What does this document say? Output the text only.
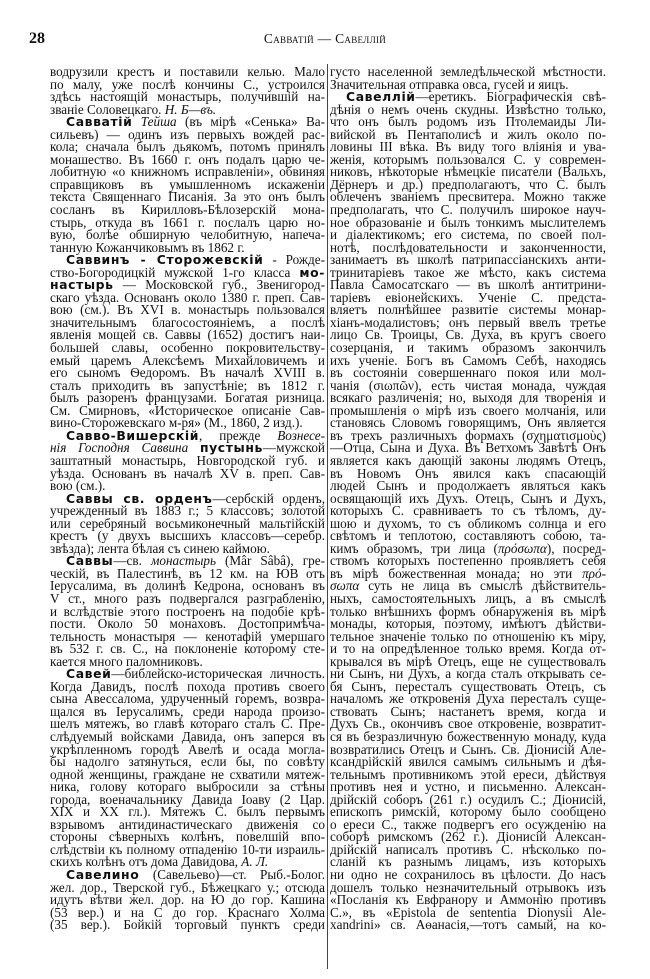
28	Савватій — Савеллій
водрузили крестъ и поставили келью. Мало
по малу, уже послѣ кончины С., устроился
здѣсь настоящій монастырь, получившій на-
званіе Соловецкаго. Н. Б—въ.
Савватій Тейша (въ мірѣ «Сенька» Ва-
сильевъ) — одинъ изъ первыхъ вождей рас-
кола; сначала былъ дьякомъ, потомъ принялъ
монашество. Въ 1660 г. онъ подалъ царю че-
лобитную «о книжномъ исправленіи», обвиняя
справщиковъ въ умышленномъ искаженіи
текста Священнаго Писанія. За это онъ былъ
сосланъ въ Кирилловъ-Бѣлозерскій мона-
стырь, откуда въ 1661 г. послалъ царю но-
вую, болѣе обширную челобитную, напеча-
танную Кожанчиковымъ въ 1862 г.
Саввинъ - Сторожевскій - Рожде-
ство-Богородицкій мужской 1-го класса мо-
настырь — Московской губ., Звенигород-
скаго уѣзда. Основанъ около 1380 г. преп. Сав-
вою (см.). Въ XVI в. монастырь пользовался
значительнымъ благосостояніемъ, а послѣ
явленія мощей св. Саввы (1652) достигъ наи-
большей славы, особенно покровительству-
емый царемъ Алексѣемъ Михайловичемъ и
его сыномъ Ѳедоромъ. Въ началѣ XVIII в.
сталъ приходить въ запустѣніе; въ 1812 г.
былъ разоренъ французами. Богатая ризница.
См. Смирновъ, «Историческое описаніе Сав-
вино-Сторожевскаго м-ря» (М., 1860, 2 изд.).
Савво-Вишерскій, прежде Вознесе-
нія Господня Саввина пустынь—мужской
заштатный монастырь, Новгородской губ. и
уѣзда. Основанъ въ началѣ XV в. преп. Сав-
вою (см.).
Саввы св. орденъ—сербскій орденъ,
учрежденный въ 1883 г.; 5 классовъ; золотой
или серебряный восьмиконечный мальтійскій
крестъ (у двухъ высшихъ классовъ—серебр.
звѣзда); лента бѣлая съ синею каймою.
Саввы—св. монастырь (Mâr Sâbâ), гре-
ческій, въ Палестинѣ, въ 12 км. на ЮВ отъ
Іерусалима, въ долинѣ Кедрона, основанъ въ
V ст., много разъ подвергался разграбленію,
и вслѣдствіе этого построенъ на подобіе крѣ-
пости. Около 50 монаховъ. Достопримѣча-
тельность монастыря — кенотафій умершаго
въ 532 г. св. С., на поклоненіе которому сте-
кается много паломниковъ.
Савей—библейско-историческая личность.
Когда Давидъ, послѣ похода противъ своего
сына Авессалома, удрученный горемъ, возвра-
щался въ Іерусалимъ, среди народа произо-
шелъ мятежъ, во главѣ котораго сталъ С. Пре-
слѣдуемый войсками Давида, онъ заперся въ
укрѣпленномъ городѣ Авелѣ и осада могла-
бы надолго затянуться, если бы, по совѣту
одной женщины, граждане не схватили мятеж-
ника, голову котораго выбросили за стѣны
города, военачальнику Давида Іоаву (2 Цар.
XIX и XX гл.). Мятежъ С. былъ первымъ
взрывомъ антидинастическаго движенія со
стороны сѣверныхъ колѣнъ, повелшій впо-
слѣдствіи къ полному отпаденію 10-ти израиль-
скихъ колѣнъ отъ дома Давидова, А. Л.
Савелино (Савельево)—ст. Рыб.-Болог.
жел. дор., Тверской губ., Бѣжецкаго у.; отсюда
идутъ вѣтви жел. дор. на Ю до гор. Кашина
(53 вер.) и на С до гор. Краснаго Холма
(35 вер.). Бойкій торговый пунктъ среди
густо населенной земледѣльческой мѣстности.
Значительная отправка овса, гусей и яицъ.
Савеллій—еретикъ. Біографическія свѣ-
дѣнія о немъ очень скудны. Извѣстно только,
что онъ былъ родомъ изъ Птолемаиды Ли-
вийской въ Пентаполисѣ и жилъ около по-
ловины III вѣка. Въ виду того вліянія и ува-
женія, которымъ пользовался С. у современ-
никовъ, нѣкоторые нѣмецкіе писатели (Вальхъ,
Дёрнеръ и др.) предполагаютъ, что С. былъ
облеченъ званіемъ пресвитера. Можно также
предполагать, что С. получилъ широкое науч-
ное образованіе и былъ тонкимъ мыслителемъ
и діалектикомъ; его система, по своей пол-
нотѣ, послѣдовательности и законченности,
занимаетъ въ школѣ патрипассіанскихъ анти-
тринитаріевъ такое же мѣсто, какъ система
Павла Самосатскаго — въ школѣ антитрини-
таріевъ евіонейскихъ. Ученіе С. предста-
вляетъ полнѣйшее развитіе системы монар-
хіанъ-модалистовъ; онъ первый ввелъ третье
лицо Св. Троицы, Св. Духа, въ кругъ своего
созерцанія, и такимъ образомъ закончилъ
ихъ ученіе. Богъ въ Самомъ Себѣ, находясь
въ состояніи совершеннаго покоя или мол-
чанія (σιωπῶν), есть чистая монада, чуждая
всякаго различенія; но, выходя для творенія и
промышленія о мірѣ изъ своего молчанія, или
становясь Словомъ говорящимъ, Онъ является
въ трехъ различныхъ формахъ (σχηματισμοὺς)
—Отца, Сына и Духа. Въ Ветхомъ Завѣтѣ Онъ
является какъ дающій законы людямъ Отецъ,
въ Новомъ Онъ явился какъ спасающій
людей Сынъ и продолжаетъ являться какъ
освящающій ихъ Духъ. Отецъ, Сынъ и Духъ,
которыхъ С. сравниваетъ то съ тѣломъ, ду-
шою и духомъ, то съ обликомъ солнца и его
свѣтомъ и теплотою, составляютъ собою, та-
кимъ образомъ, три лица (πρόσωπα), посред-
ствомъ которыхъ постепенно проявляетъ себя
въ мірѣ божественная монада; но эти πρό-
σωπα суть не лица въ смыслѣ дѣйствитель-
ныхъ, самостоятельныхъ лицъ, а въ смыслѣ
только внѣшнихъ формъ обнаруженія въ мірѣ
монады, которыя, поэтому, имѣютъ дѣйстви-
тельное значеніе только по отношенію къ міру,
и то на опредѣленное только время. Когда от-
крывался въ мірѣ Отецъ, еще не существовалъ
ни Сынъ, ни Духъ, а когда сталъ открывать се-
бя Сынъ, пересталъ существовать Отецъ, съ
началомъ же откровенія Духа пересталъ суще-
ствовать Сынъ; настанетъ время, когда и
Духъ Св., окончивъ свое откровеніе, возвратит-
ся въ безразличную божественную монаду, куда
возвратились Отецъ и Сынъ. Св. Діонисій Але-
ксандрійскій явился самымъ сильнымъ и дѣя-
тельнымъ противникомъ этой ереси, дѣйствуя
противъ нея и устно, и письменно. Алексан-
дрійскій соборъ (261 г.) осудилъ С.; Діонисій,
епископъ римскій, которому было сообщено
о ереси С., также подвергъ его осужденію на
соборѣ римскомъ (262 г.). Діонисій Алексан-
дрійскій написалъ противъ С. нѣсколько по-
сланій къ разнымъ лицамъ, изъ которыхъ
ни одно не сохранилось въ цѣлости. До насъ
дошелъ только незначительный отрывокъ изъ
«Посланія къ Евфранору и Аммонію противъ
С.», въ «Epistola de sententia Dionysii Ale-
xandrini» св. Аѳанасія,—тотъ самый, на ко-
